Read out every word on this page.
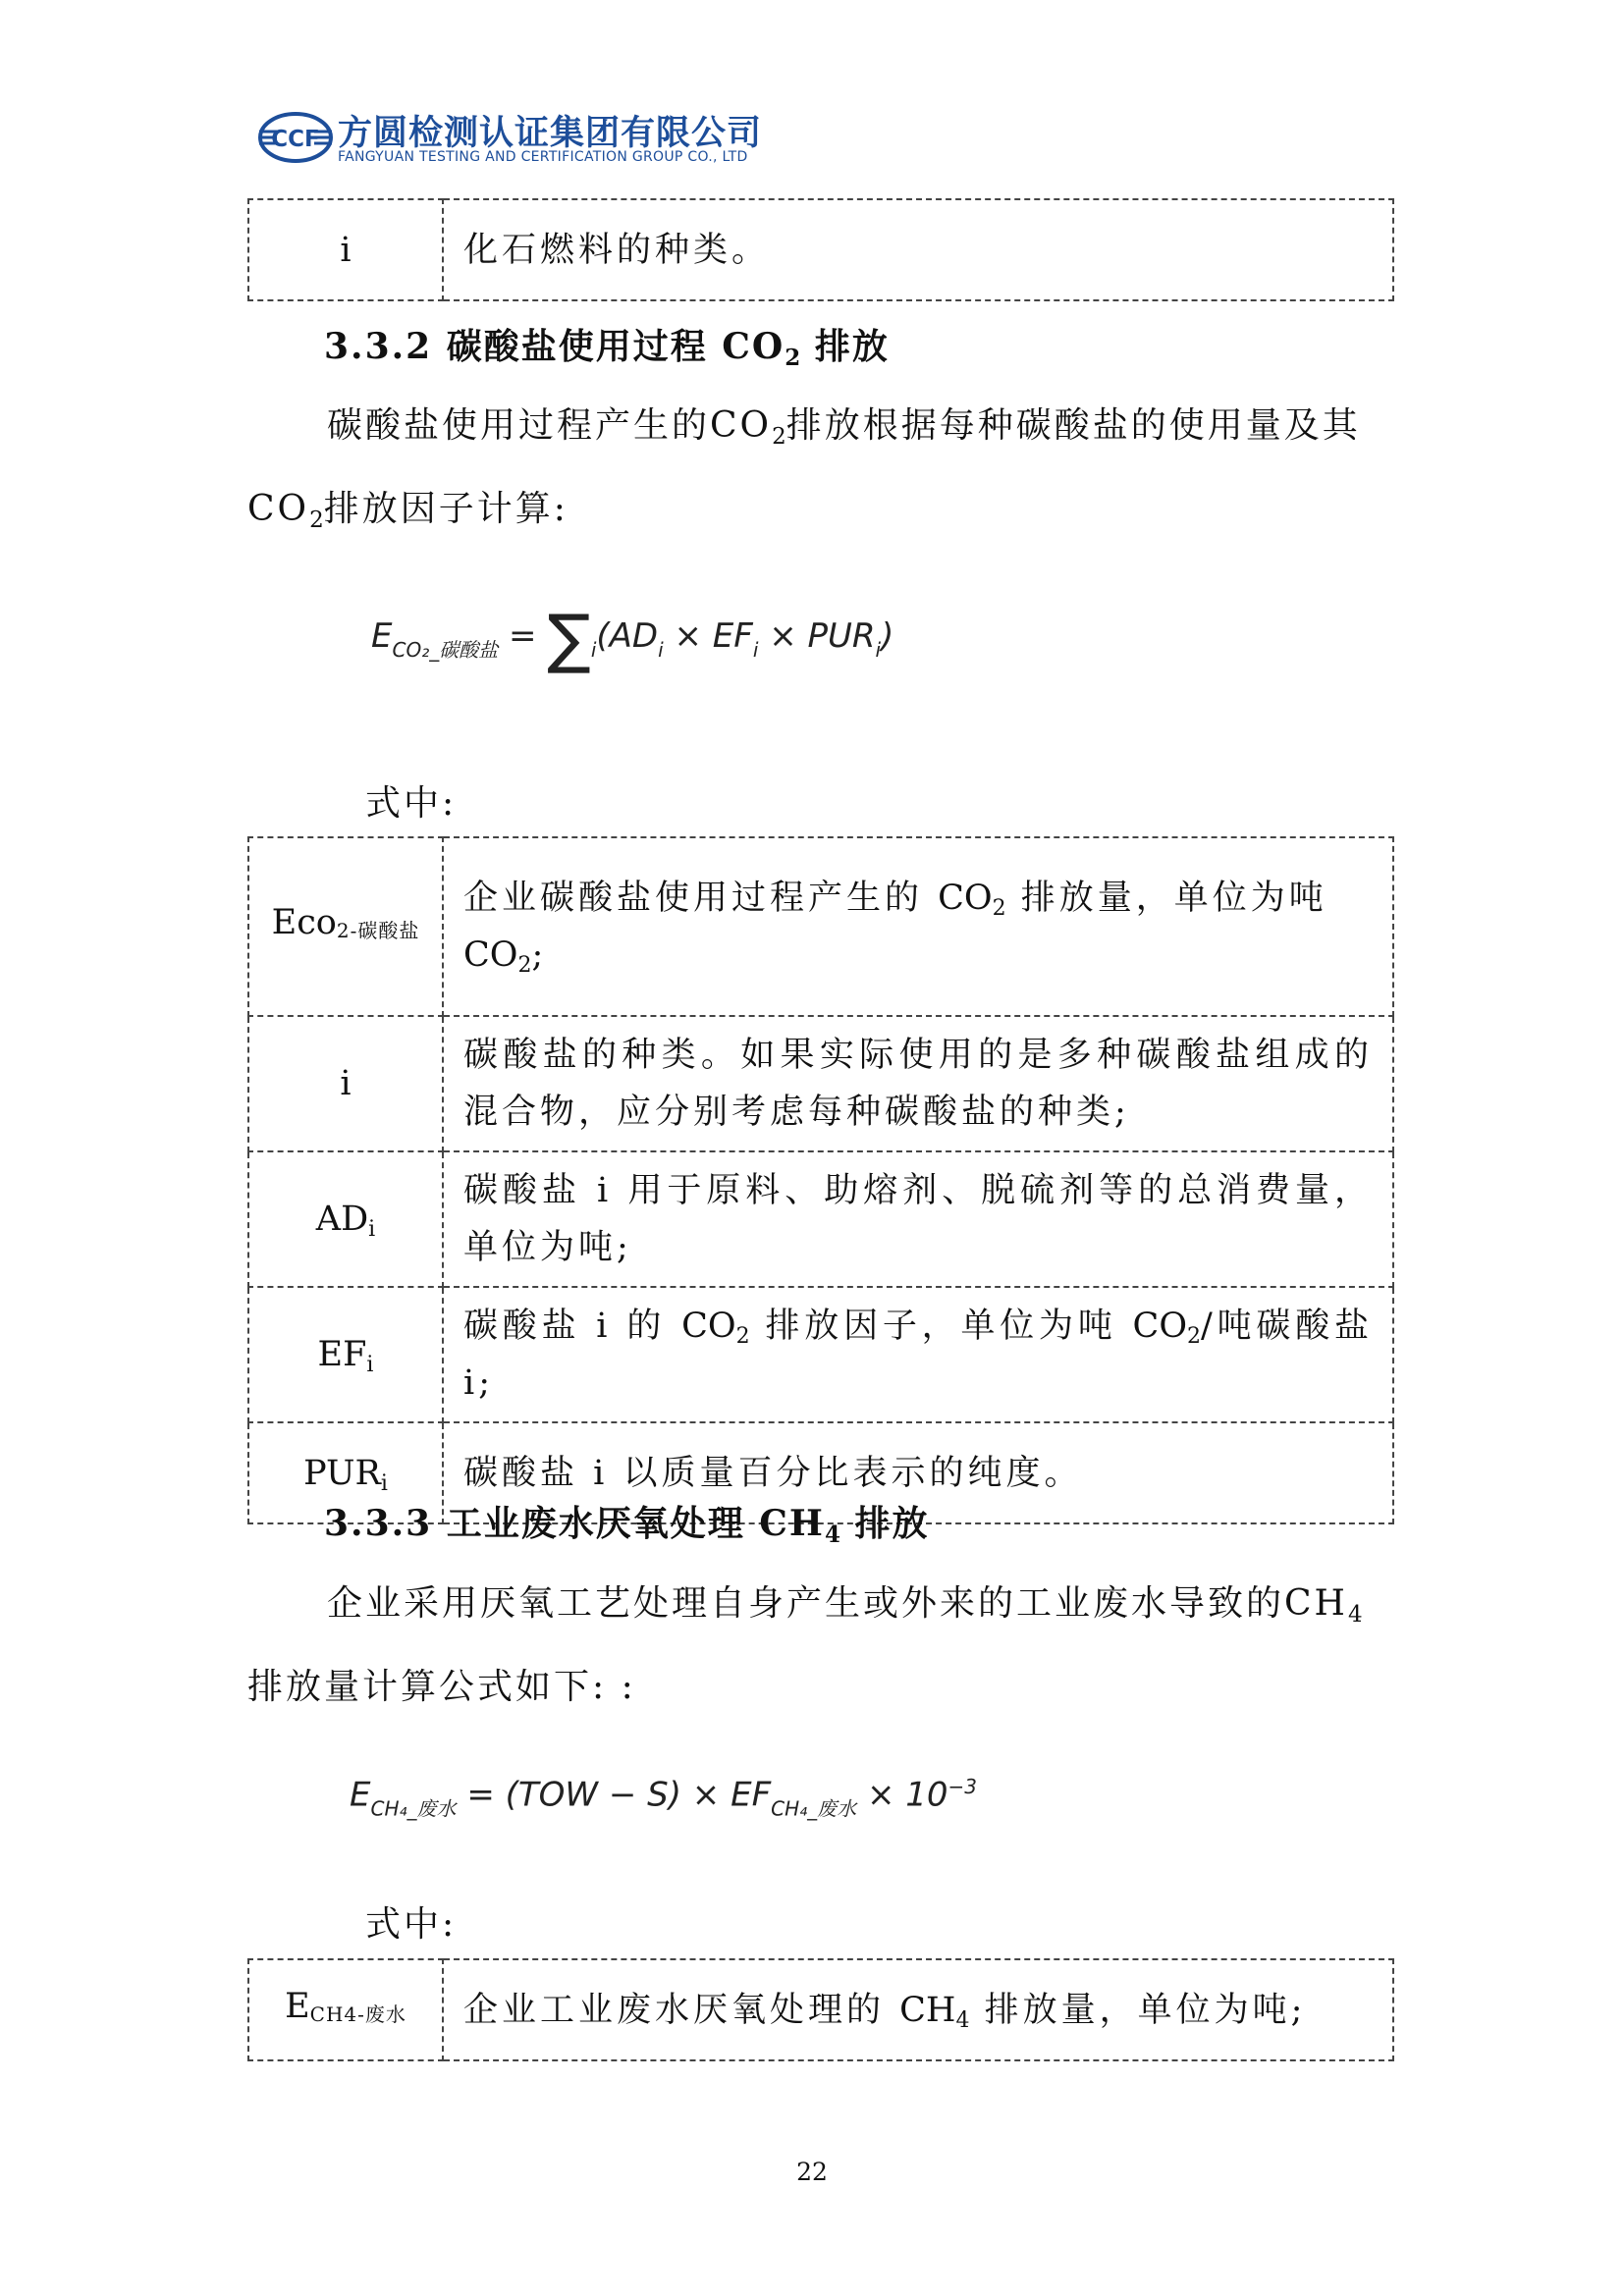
CCF 方圆检测认证集团有限公司
FANGYUAN TESTING AND CERTIFICATION GROUP CO., LTD
i	化石燃料的种类。
3.3.2 碳酸盐使用过程 $CO_2$ 排放
碳酸盐使用过程产生的$CO_2$排放根据每种碳酸盐的使用量及其
$CO_2$排放因子计算:
$E_{CO_2\_碳酸盐} = \sum_i(AD_i \times EF_i \times PUR_i)$
式中:
Eco2-碳酸盐	企业碳酸盐使用过程产生的 $CO_2$ 排放量，单位为吨
$CO_2$;
i	碳酸盐的种类。如果实际使用的是多种碳酸盐组成的混合物，应分别考虑每种碳酸盐的种类;
$AD_i$	碳酸盐 i 用于原料、助熔剂、脱硫剂等的总消费量，单位为吨;
$EF_i$	碳酸盐 i 的 $CO_2$ 排放因子，单位为吨 $CO_2/$吨碳酸盐 i;
$PUR_i$	碳酸盐 i 以质量百分比表示的纯度。
3.3.3 工业废水厌氧处理 $CH_4$ 排放
企业采用厌氧工艺处理自身产生或外来的工业废水导致的$CH_4$
排放量计算公式如下: :
$E_{CH_4\_废水} = (TOW - S) \times EF_{CH_4\_废水} \times 10^{-3}$
式中:
ECH4-废水	企业工业废水厌氧处理的 $CH_4$ 排放量，单位为吨;
22
